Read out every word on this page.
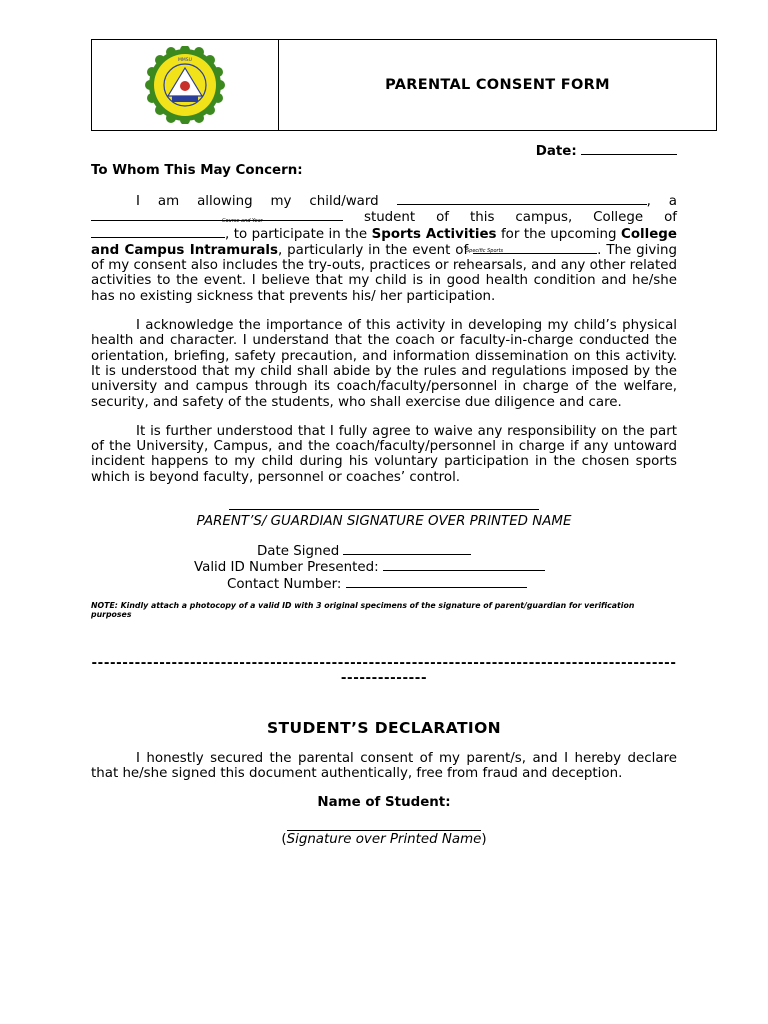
MMSU
PARENTAL CONSENT FORM
Date:
To Whom This May Concern:

I am allowing my child/ward	, a  student of this campus, College of , to participate in the Sports Activities for the upcoming College and Campus Intramurals, particularly in the event of	. The giving of my consent also includes the try-outs, practices or rehearsals, and any other related activities to the event. I believe that my child is in good health condition and he/she has no existing sickness that prevents his/ her participation.
Course and Year
Specific Sports

I acknowledge the importance of this activity in developing my child’s physical health and character. I understand that the coach or faculty-in-charge conducted the orientation, briefing, safety precaution, and information dissemination on this activity. It is understood that my child shall abide by the rules and regulations imposed by the university and campus through its coach/faculty/personnel in charge of the welfare, security, and safety of the students, who shall exercise due diligence and care.

It is further understood that I fully agree to waive any responsibility on the part of the University, Campus, and the coach/faculty/personnel in charge if any untoward incident happens to my child during his voluntary participation in the chosen sports which is beyond faculty, personnel or coaches’ control.

PARENT’S/ GUARDIAN SIGNATURE OVER PRINTED NAME
Date Signed
Valid ID Number Presented:
Contact Number:
NOTE: Kindly attach a photocopy of a valid ID with 3 original specimens of the signature of parent/guardian for verification purposes
-------------------------------------------------------------------------------------------------------------
STUDENT’S DECLARATION

I honestly secured the parental consent of my parent/s, and I hereby declare that he/she signed this document authentically, free from fraud and deception.

Name of Student:
(Signature over Printed Name)
